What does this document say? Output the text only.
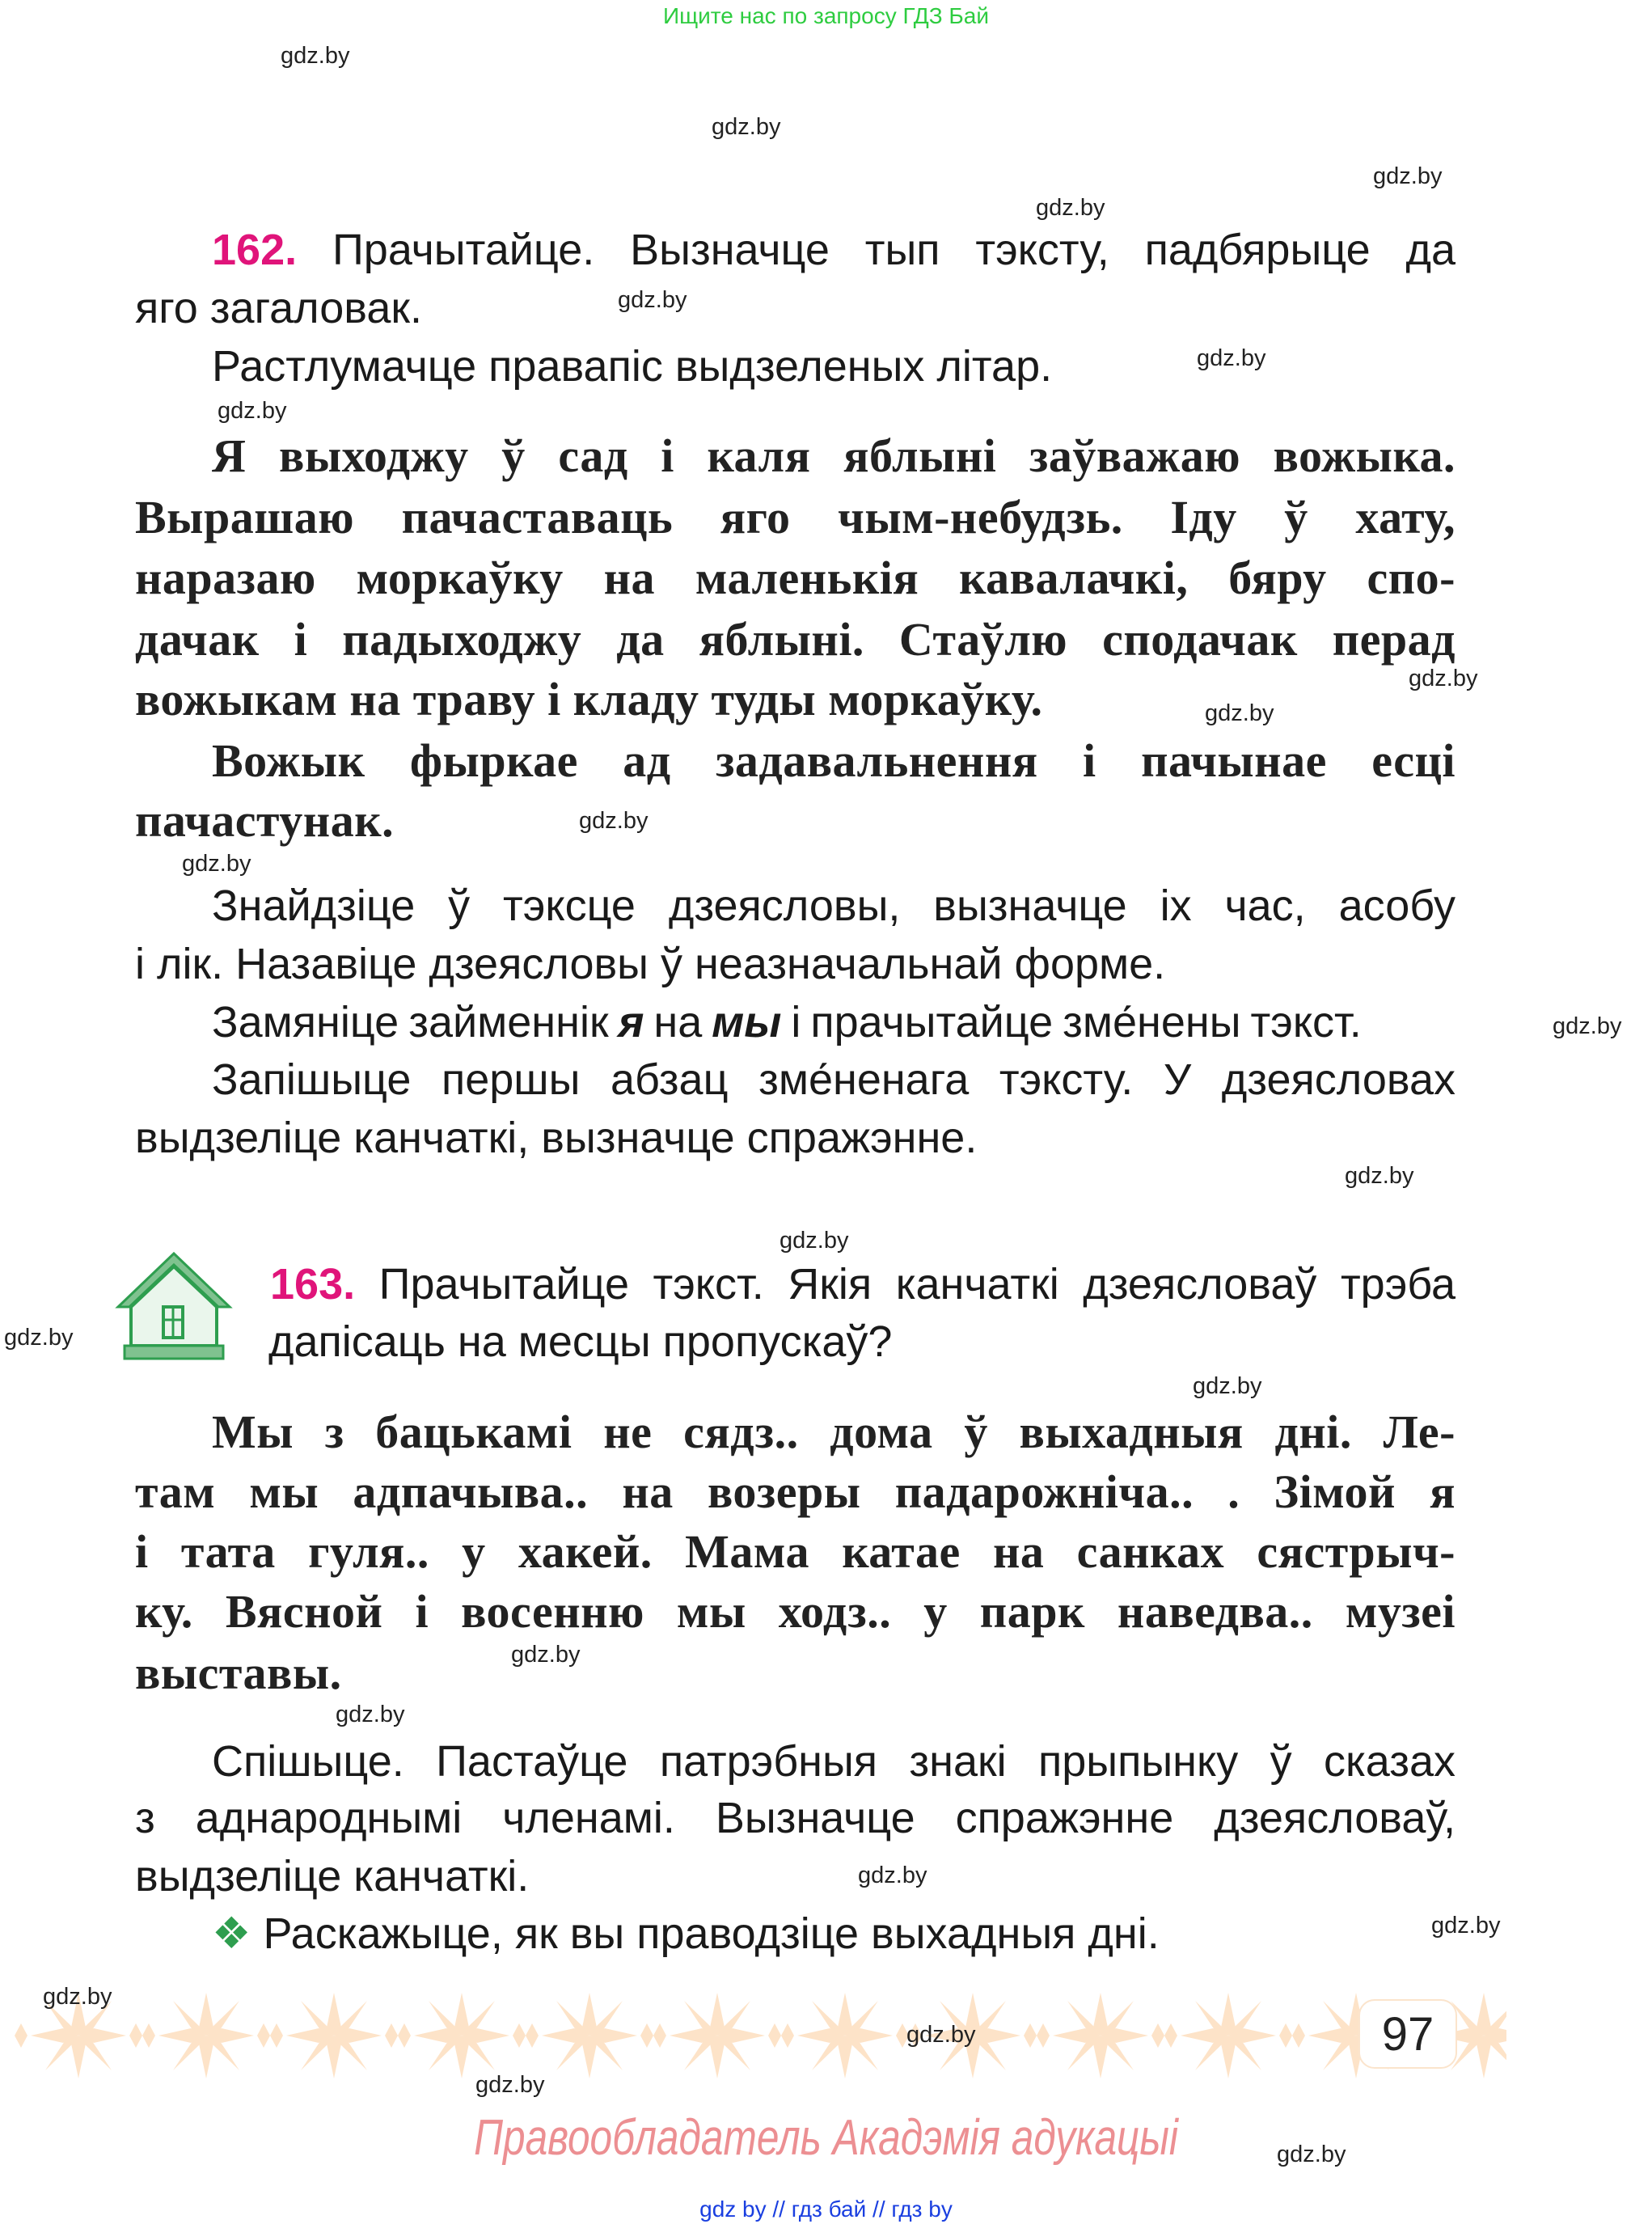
Ищите нас по запросу ГДЗ Бай
gdz.by
gdz.by
gdz.by
gdz.by
gdz.by
gdz.by
gdz.by
gdz.by
gdz.by
gdz.by
gdz.by
gdz.by
gdz.by
gdz.by
gdz.by
gdz.by
gdz.by
gdz.by
gdz.by
gdz.by
162. Прачытайце. Вызначце тып тэксту, падбярыце да
яго загаловак.
Растлумачце правапіс выдзеленых літар.
Я выходжу ў сад і каля яблыні заўважаю вожыка.
Вырашаю пачаставаць яго чым-небудзь. Іду ў хату,
наразаю моркаўку на маленькія кавалачкі, бяру спо-
дачак і падыходжу да яблыні. Стаўлю сподачак перад
вожыкам на траву і кладу туды моркаўку.
Вожык фыркае ад задавальнення і пачынае есці
пачастунак.
Знайдзіце ў тэксце дзеясловы, вызначце іх час, асобу
і лік. Назавіце дзеясловы ў неазначальнай форме.
Замяніце займеннік я на мы і прачытайце зме́нены тэкст.
Запішыце першы абзац зме́ненага тэксту. У дзеясловах
выдзеліце канчаткі, вызначце спражэнне.
163. Прачытайце тэкст. Якія канчаткі дзеясловаў трэба
дапісаць на месцы пропускаў?
Мы з бацькамі не сядз.. дома ў выхадныя дні. Ле-
там мы адпачыва.. на возеры падарожніча.. . Зімой я
і тата гуля.. у хакей. Мама катае на санках сястрыч-
ку. Вясной і восенню мы ходз.. у парк наведва.. музеі
выставы.
Спішыце. Пастаўце патрэбныя знакі прыпынку ў сказах
з аднароднымі членамі. Вызначце спражэнне дзеясловаў,
выдзеліце канчаткі.
❖ Раскажыце, як вы праводзіце выхадныя дні.
gdz.by
gdz.by	97
gdz.by
gdz.by
Правообладатель Акадэмія адукацыі
gdz by // гдз бай // гдз by
